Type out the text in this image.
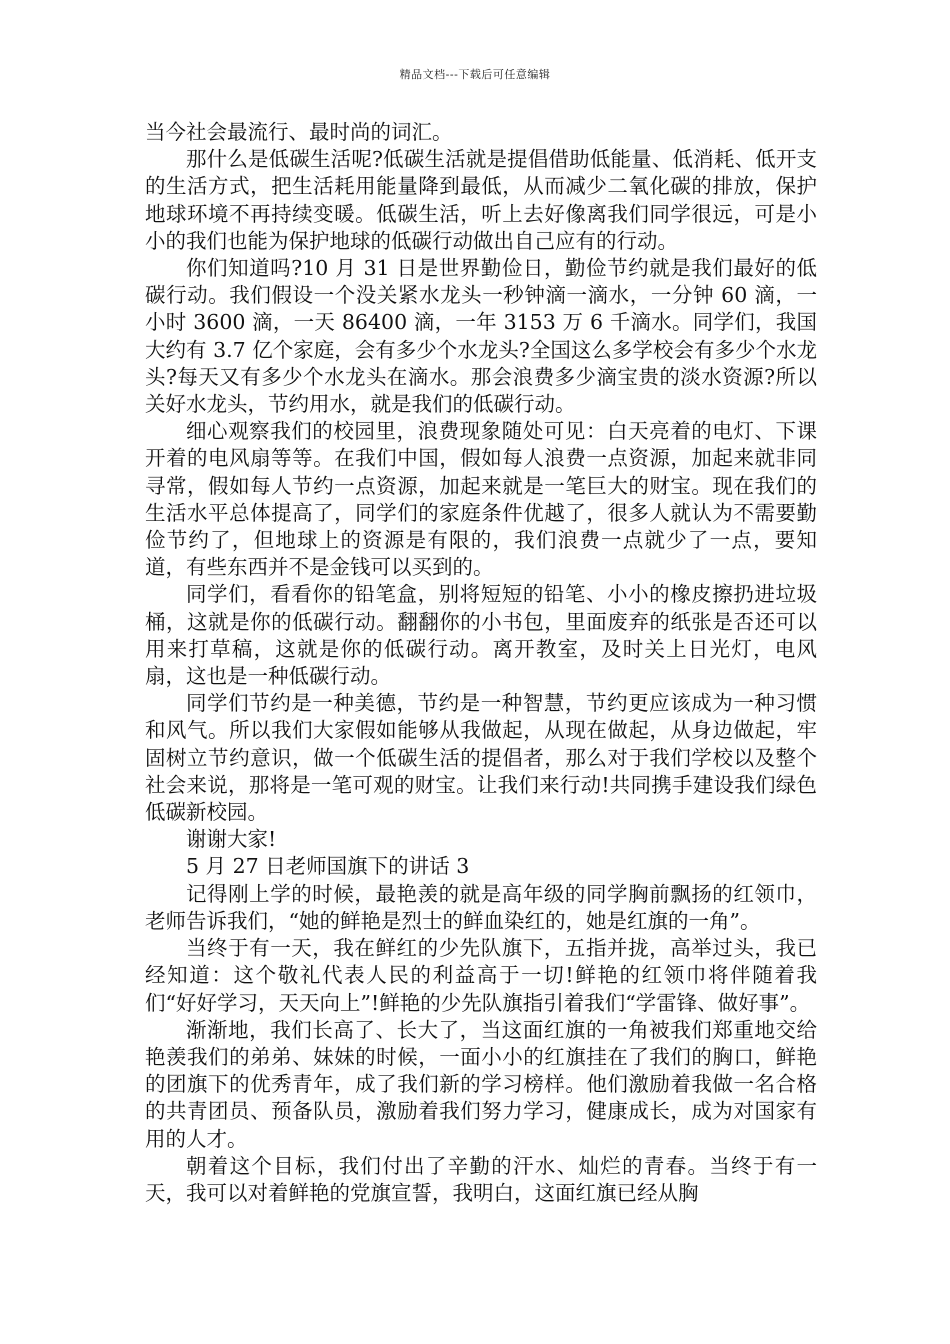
精品文档---下载后可任意编辑

当今社会最流行、最时尚的词汇。

那什么是低碳生活呢?低碳生活就是提倡借助低能量、低消耗、低开支的生活方式，把生活耗用能量降到最低，从而减少二氧化碳的排放，保护地球环境不再持续变暖。低碳生活，听上去好像离我们同学很远，可是小小的我们也能为保护地球的低碳行动做出自己应有的行动。

你们知道吗?10 月 31 日是世界勤俭日，勤俭节约就是我们最好的低碳行动。我们假设一个没关紧水龙头一秒钟滴一滴水，一分钟 60 滴，一小时 3600 滴，一天 86400 滴，一年 3153 万 6 千滴水。同学们，我国大约有 3.7 亿个家庭，会有多少个水龙头?全国这么多学校会有多少个水龙头?每天又有多少个水龙头在滴水。那会浪费多少滴宝贵的淡水资源?所以关好水龙头，节约用水，就是我们的低碳行动。

细心观察我们的校园里，浪费现象随处可见：白天亮着的电灯、下课开着的电风扇等等。在我们中国，假如每人浪费一点资源，加起来就非同寻常，假如每人节约一点资源，加起来就是一笔巨大的财宝。现在我们的生活水平总体提高了，同学们的家庭条件优越了，很多人就认为不需要勤俭节约了，但地球上的资源是有限的，我们浪费一点就少了一点，要知道，有些东西并不是金钱可以买到的。

同学们，看看你的铅笔盒，别将短短的铅笔、小小的橡皮擦扔进垃圾桶，这就是你的低碳行动。翻翻你的小书包，里面废弃的纸张是否还可以用来打草稿，这就是你的低碳行动。离开教室，及时关上日光灯，电风扇，这也是一种低碳行动。

同学们节约是一种美德，节约是一种智慧，节约更应该成为一种习惯和风气。所以我们大家假如能够从我做起，从现在做起，从身边做起，牢固树立节约意识，做一个低碳生活的提倡者，那么对于我们学校以及整个社会来说，那将是一笔可观的财宝。让我们来行动!共同携手建设我们绿色低碳新校园。

谢谢大家!

5 月 27 日老师国旗下的讲话 3

记得刚上学的时候，最艳羡的就是高年级的同学胸前飘扬的红领巾，老师告诉我们，“她的鲜艳是烈士的鲜血染红的，她是红旗的一角”。

当终于有一天，我在鲜红的少先队旗下，五指并拢，高举过头，我已经知道：这个敬礼代表人民的利益高于一切!鲜艳的红领巾将伴随着我们“好好学习，天天向上”!鲜艳的少先队旗指引着我们“学雷锋、做好事”。

渐渐地，我们长高了、长大了，当这面红旗的一角被我们郑重地交给艳羡我们的弟弟、妹妹的时候，一面小小的红旗挂在了我们的胸口，鲜艳的团旗下的优秀青年，成了我们新的学习榜样。他们激励着我做一名合格的共青团员、预备队员，激励着我们努力学习，健康成长，成为对国家有用的人才。

朝着这个目标，我们付出了辛勤的汗水、灿烂的青春。当终于有一天，我可以对着鲜艳的党旗宣誓，我明白，这面红旗已经从胸
